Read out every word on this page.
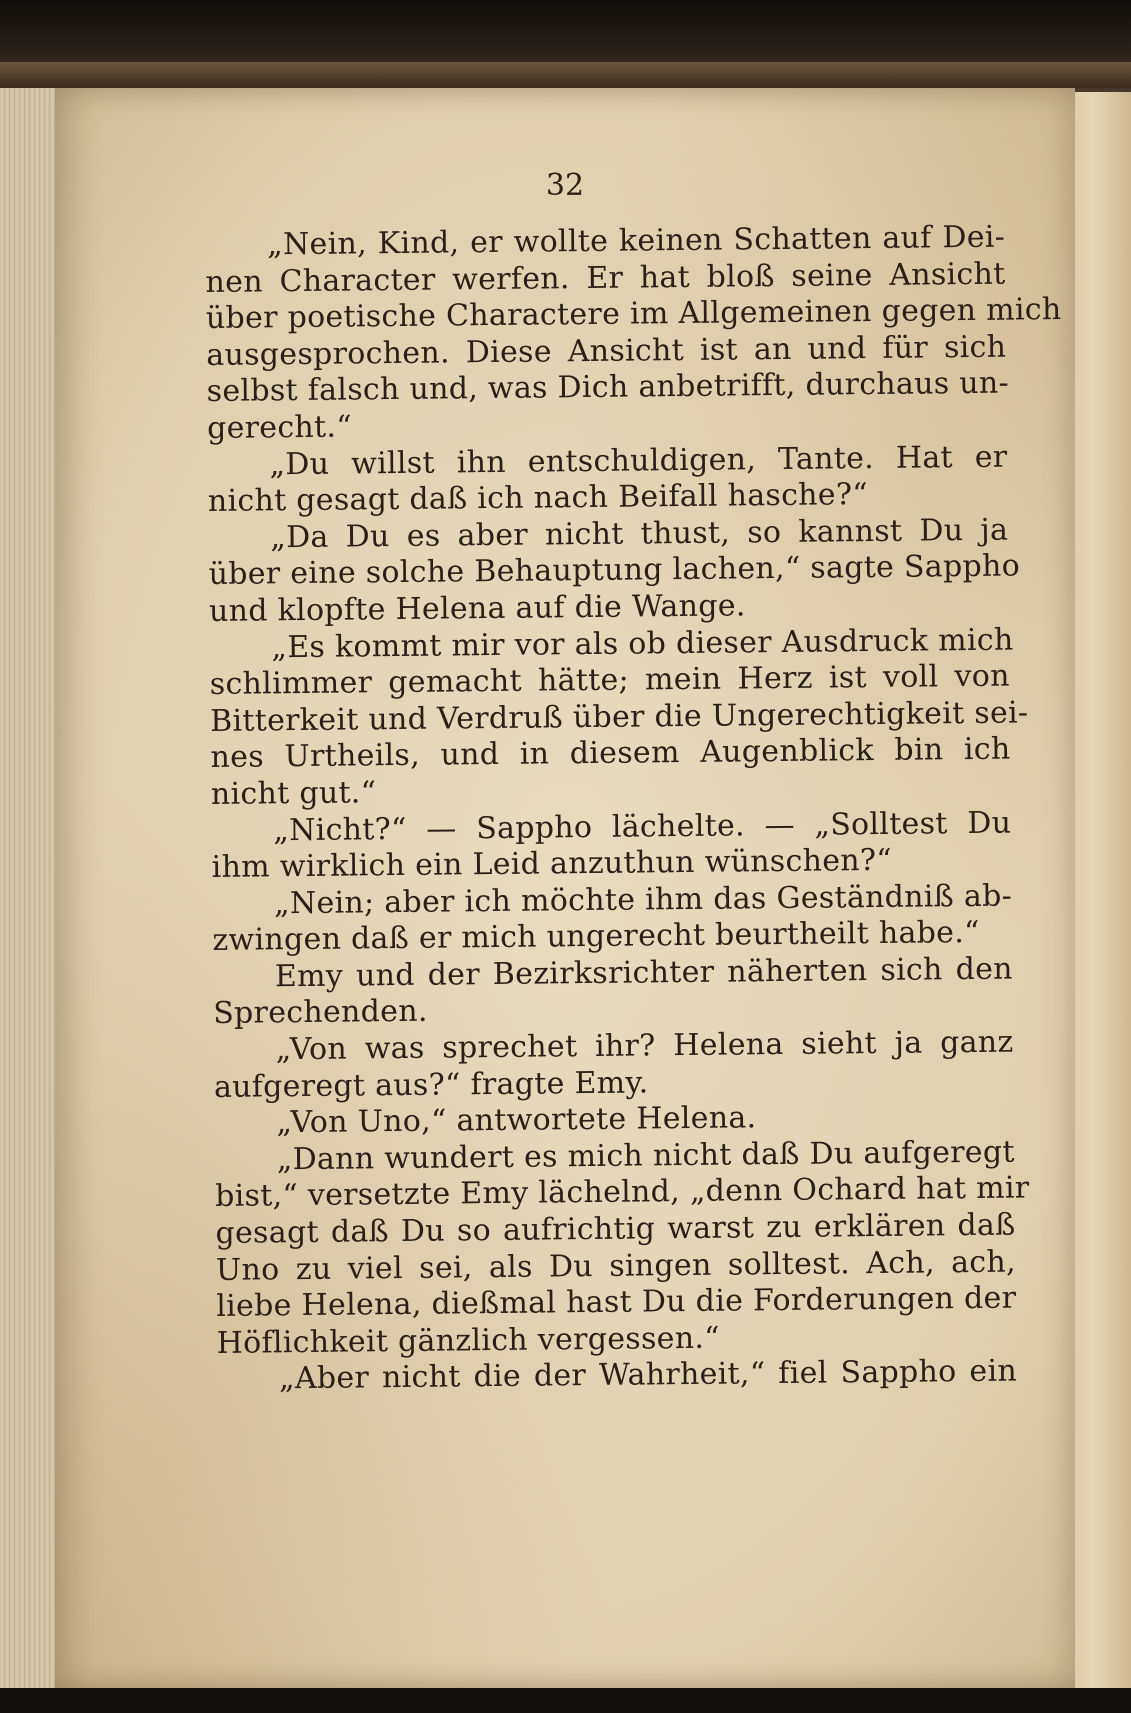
32
„Nein, Kind, er wollte keinen Schatten auf Dei-
nen Character werfen. Er hat bloß seine Ansicht
über poetische Charactere im Allgemeinen gegen mich
ausgesprochen. Diese Ansicht ist an und für sich
selbst falsch und, was Dich anbetrifft, durchaus un-
gerecht.“
„Du willst ihn entschuldigen, Tante. Hat er
nicht gesagt daß ich nach Beifall hasche?“
„Da Du es aber nicht thust, so kannst Du ja
über eine solche Behauptung lachen,“ sagte Sappho
und klopfte Helena auf die Wange.
„Es kommt mir vor als ob dieser Ausdruck mich
schlimmer gemacht hätte; mein Herz ist voll von
Bitterkeit und Verdruß über die Ungerechtigkeit sei-
nes Urtheils, und in diesem Augenblick bin ich
nicht gut.“
„Nicht?“ — Sappho lächelte. — „Solltest Du
ihm wirklich ein Leid anzuthun wünschen?“
„Nein; aber ich möchte ihm das Geständniß ab-
zwingen daß er mich ungerecht beurtheilt habe.“
Emy und der Bezirksrichter näherten sich den
Sprechenden.
„Von was sprechet ihr? Helena sieht ja ganz
aufgeregt aus?“ fragte Emy.
„Von Uno,“ antwortete Helena.
„Dann wundert es mich nicht daß Du aufgeregt
bist,“ versetzte Emy lächelnd, „denn Ochard hat mir
gesagt daß Du so aufrichtig warst zu erklären daß
Uno zu viel sei, als Du singen solltest. Ach, ach,
liebe Helena, dießmal hast Du die Forderungen der
Höflichkeit gänzlich vergessen.“
„Aber nicht die der Wahrheit,“ fiel Sappho ein
